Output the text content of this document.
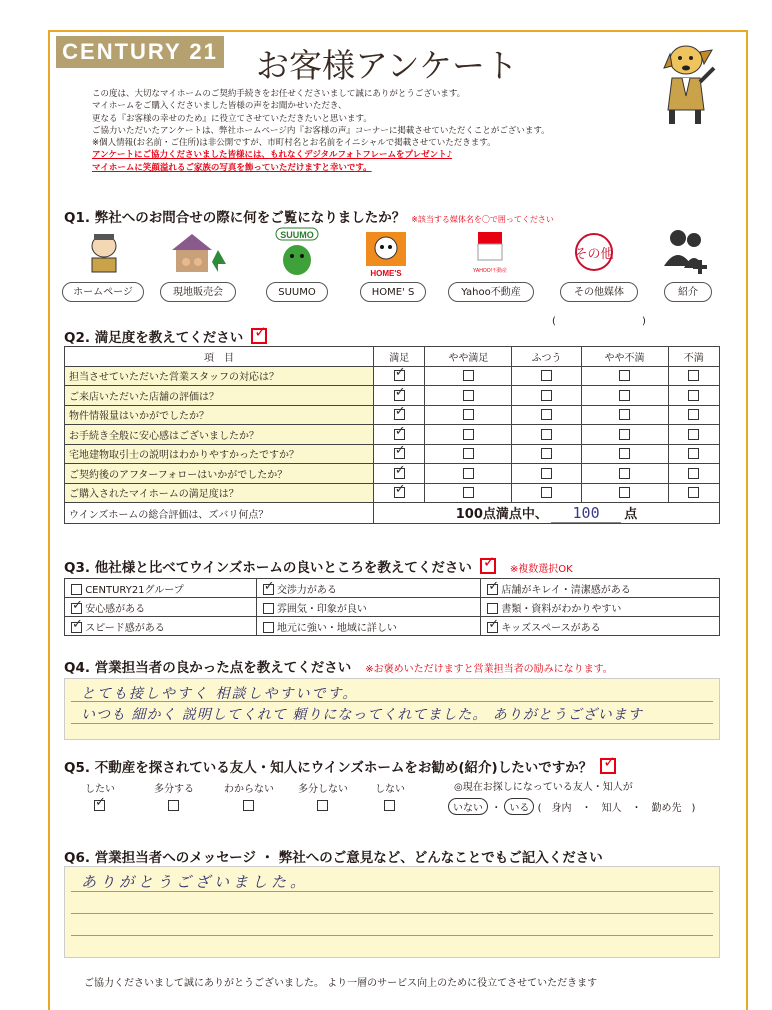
CENTURY 21 お客様アンケート
この度は、大切なマイホームのご契約手続きをお任せくださいまして誠にありがとうございます。
マイホームをご購入くださいました皆様の声をお聞かせいただき、
更なる『お客様の幸せのため』に役立てさせていただきたいと思います。
ご協力いただいたアンケートは、弊社ホームページ内『お客様の声』コーナーに掲載させていただくことがございます。
※個人情報(お名前・ご住所)は非公開ですが、市町村名とお名前をイニシャルで掲載させていただきます。
アンケートにご協力くださいました皆様には、もれなくデジタルフォトフレームをプレゼント♪
マイホームに笑顔溢れるご家族の写真を飾っていただけますと幸いです。
Q1. 弊社へのお問合せの際に何をご覧になりましたか？ ※該当する媒体名を〇で囲ってください
SUUMO
HOME'S	YAHOO!不動産
その他
ホームページ	現地販売会	SUUMO	HOME' S	Yahoo不動産	その他媒体	紹介
(	)
Q2. 満足度を教えてください✓
項　目	満足	やや満足	ふつう	やや不満	不満
担当させていただいた営業スタッフの対応は？	✓				
ご来店いただいた店舗の評価は？	✓				
物件情報量はいかがでしたか？	✓				
お手続き全般に安心感はございましたか？	✓				
宅地建物取引士の説明はわかりやすかったですか？	✓				
ご契約後のアフターフォローはいかがでしたか？	✓				
ご購入されたマイホームの満足度は？	✓				
ウインズホームの総合評価は、ズバリ何点？	100点満点中、 100 点				
Q3. 他社様と比べてウインズホームの良いところを教えてください ✓	※複数選択OK
CENTURY21グループ	✓交渉力がある	✓店舗がキレイ・清潔感がある
✓ 安心感がある	雰囲気・印象が良い	書類・資料がわかりやすい
✓ スピード感がある	地元に強い・地域に詳しい	✓キッズスペースがある
Q4. 営業担当者の良かった点を教えてください ※お褒めいただけますと営業担当者の励みになります。
とても接しやすく 相談しやすいです。
いつも 細かく 説明してくれて 頼りになってくれてました。 ありがとうございます
Q5. 不動産を探されている友人・知人にウインズホームをお勧め(紹介)したいですか？✓
したい	多分する	わからない	多分しない	しない
✓	◎現在お探しになっている友人・知人が
いない ・ いる (　身内　・　知人　・　勤め先　)
Q6. 営業担当者へのメッセージ ・ 弊社へのご意見など、どんなことでもご記入ください
ありがとうございました。
ご協力くださいまして誠にありがとうございました。 より一層のサービス向上のために役立てさせていただきます
